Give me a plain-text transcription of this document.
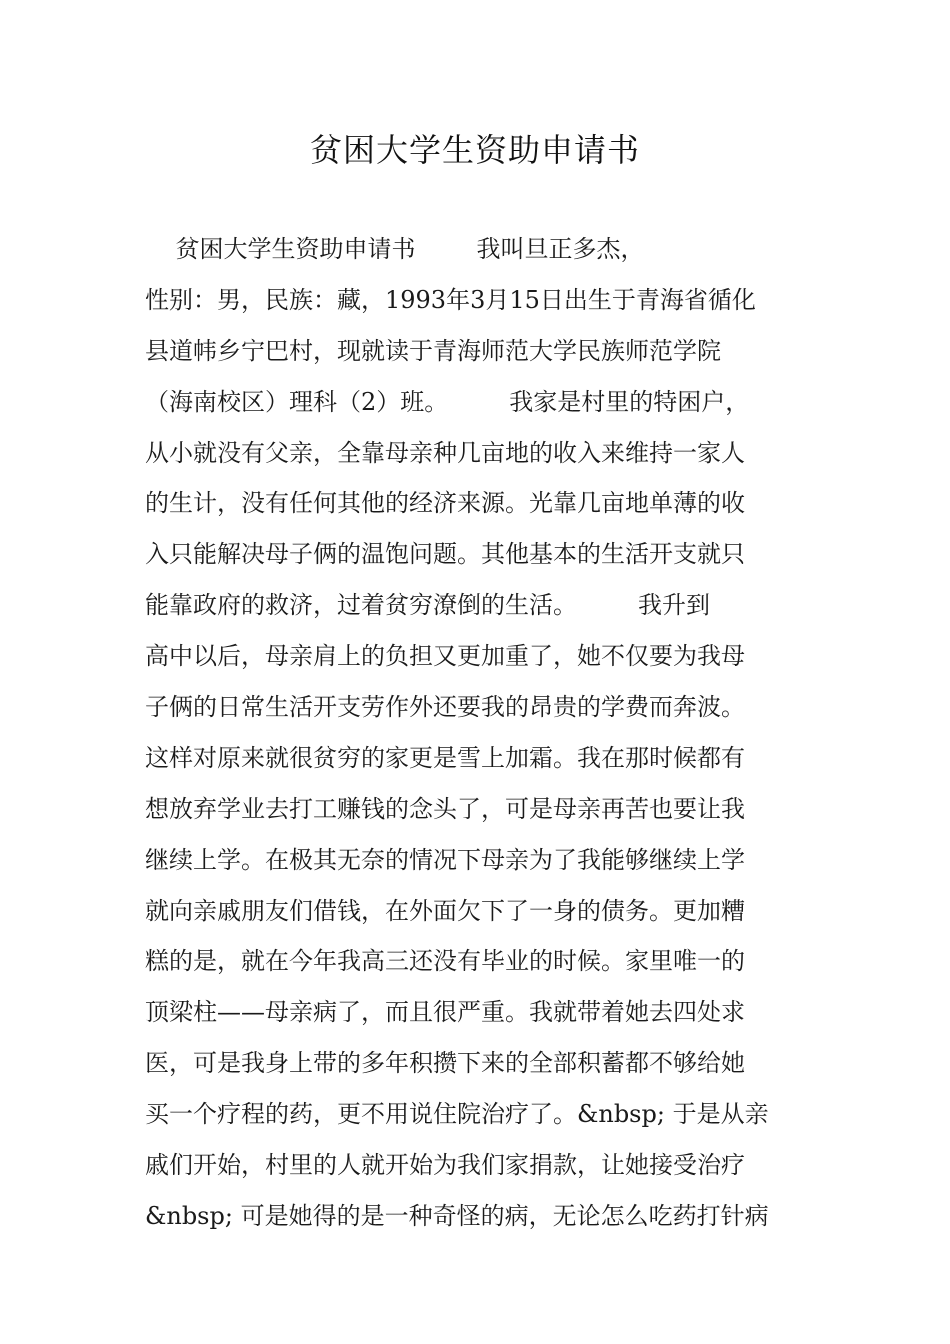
贫困大学生资助申请书
贫困大学生资助申请书        我叫旦正多杰，
性别：男，民族：藏，1993年3月15日出生于青海省循化
县道帏乡宁巴村，现就读于青海师范大学民族师范学院
（海南校区）理科（2）班。        我家是村里的特困户，
从小就没有父亲，全靠母亲种几亩地的收入来维持一家人
的生计，没有任何其他的经济来源。光靠几亩地单薄的收
入只能解决母子俩的温饱问题。其他基本的生活开支就只
能靠政府的救济，过着贫穷潦倒的生活。        我升到
高中以后，母亲肩上的负担又更加重了，她不仅要为我母
子俩的日常生活开支劳作外还要我的昂贵的学费而奔波。
这样对原来就很贫穷的家更是雪上加霜。我在那时候都有
想放弃学业去打工赚钱的念头了，可是母亲再苦也要让我
继续上学。在极其无奈的情况下母亲为了我能够继续上学
就向亲戚朋友们借钱，在外面欠下了一身的债务。更加糟
糕的是，就在今年我高三还没有毕业的时候。家里唯一的
顶梁柱——母亲病了，而且很严重。我就带着她去四处求
医，可是我身上带的多年积攒下来的全部积蓄都不够给她
买一个疗程的药，更不用说住院治疗了。&nbsp; 于是从亲
戚们开始，村里的人就开始为我们家捐款，让她接受治疗
&nbsp; 可是她得的是一种奇怪的病，无论怎么吃药打针病
